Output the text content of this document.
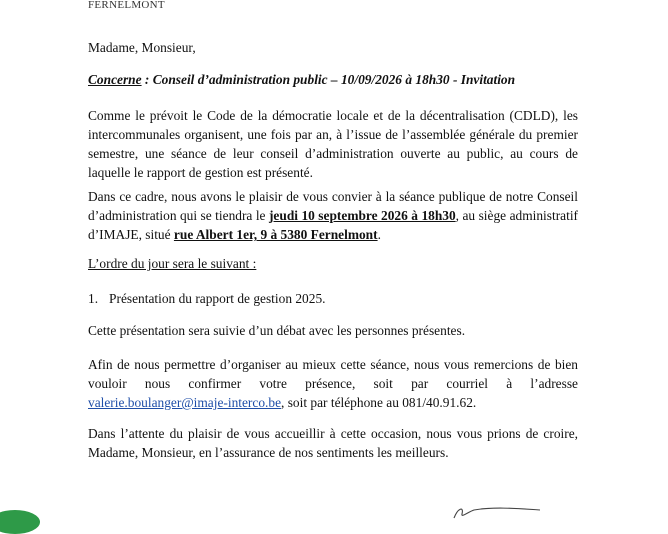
FERNELMONT

Madame, Monsieur,

Concerne : Conseil d’administration public – 10/09/2026 à 18h30 - Invitation

Comme le prévoit le Code de la démocratie locale et de la décentralisation (CDLD), les intercommunales organisent, une fois par an, à l’issue de l’assemblée générale du premier semestre, une séance de leur conseil d’administration ouverte au public, au cours de laquelle le rapport de gestion est présenté.

Dans ce cadre, nous avons le plaisir de vous convier à la séance publique de notre Conseil d’administration qui se tiendra le jeudi 10 septembre 2026 à 18h30, au siège administratif d’IMAJE, situé rue Albert 1er, 9 à 5380 Fernelmont.

L’ordre du jour sera le suivant :

1. Présentation du rapport de gestion 2025.

Cette présentation sera suivie d’un débat avec les personnes présentes.

Afin de nous permettre d’organiser au mieux cette séance, nous vous remercions de bien vouloir nous confirmer votre présence, soit par courriel à l’adresse valerie.boulanger@imaje-interco.be, soit par téléphone au 081/40.91.62.

Dans l’attente du plaisir de vous accueillir à cette occasion, nous vous prions de croire, Madame, Monsieur, en l’assurance de nos sentiments les meilleurs.
